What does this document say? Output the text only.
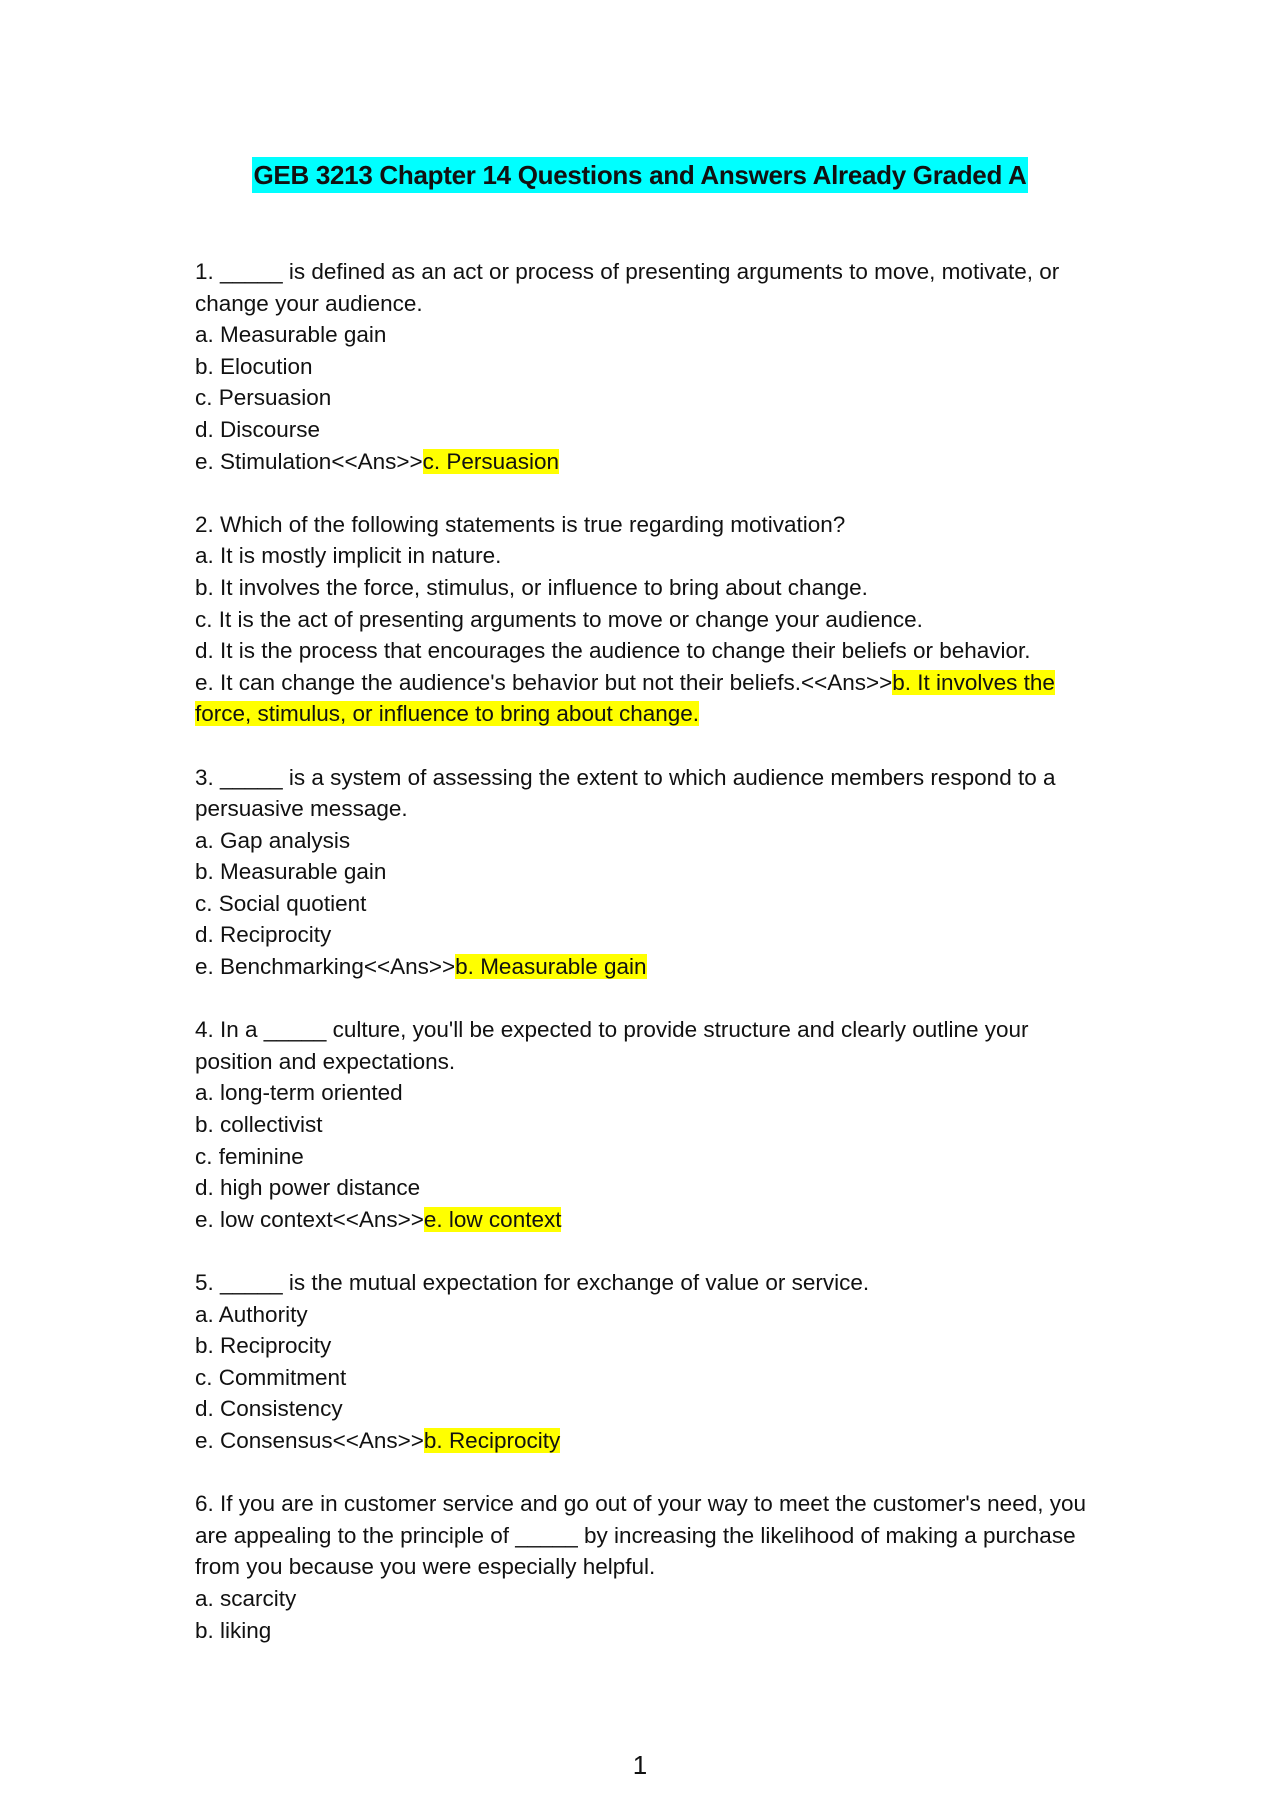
GEB 3213 Chapter 14 Questions and Answers Already Graded A
1. _____ is defined as an act or process of presenting arguments to move, motivate, or change your audience.
a. Measurable gain
b. Elocution
c. Persuasion
d. Discourse
e. Stimulation<<Ans>>c. Persuasion
2. Which of the following statements is true regarding motivation?
a. It is mostly implicit in nature.
b. It involves the force, stimulus, or influence to bring about change.
c. It is the act of presenting arguments to move or change your audience.
d. It is the process that encourages the audience to change their beliefs or behavior.
e. It can change the audience's behavior but not their beliefs.<<Ans>>b. It involves the force, stimulus, or influence to bring about change.
3. _____ is a system of assessing the extent to which audience members respond to a persuasive message.
a. Gap analysis
b. Measurable gain
c. Social quotient
d. Reciprocity
e. Benchmarking<<Ans>>b. Measurable gain
4. In a _____ culture, you'll be expected to provide structure and clearly outline your position and expectations.
a. long-term oriented
b. collectivist
c. feminine
d. high power distance
e. low context<<Ans>>e. low context
5. _____ is the mutual expectation for exchange of value or service.
a. Authority
b. Reciprocity
c. Commitment
d. Consistency
e. Consensus<<Ans>>b. Reciprocity
6. If you are in customer service and go out of your way to meet the customer's need, you are appealing to the principle of _____ by increasing the likelihood of making a purchase from you because you were especially helpful.
a. scarcity
b. liking
1
